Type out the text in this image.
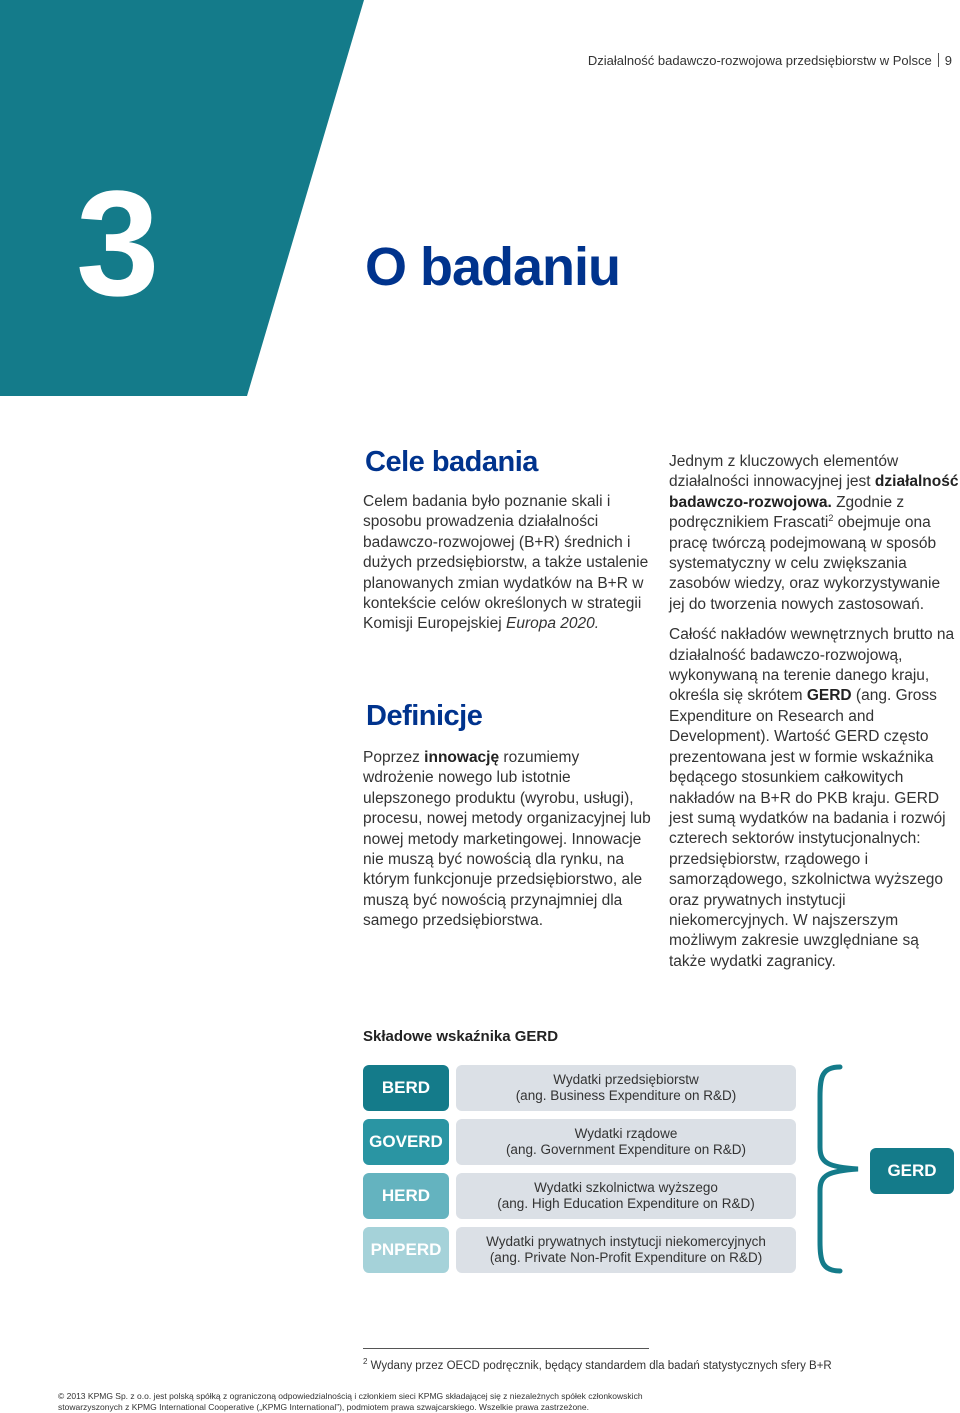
Działalność badawczo-rozwojowa przedsiębiorstw w Polsce 9
3	O badaniu
Cele badania

Celem badania było poznanie skali i sposobu prowadzenia działalności badawczo-rozwojowej (B+R) średnich i dużych przedsiębiorstw, a także ustalenie planowanych zmian wydatków na B+R w kontekście celów określonych w strategii Komisji Europejskiej Europa 2020.

Definicje

Poprzez innowację rozumiemy wdrożenie nowego lub istotnie ulepszonego produktu (wyrobu, usługi), procesu, nowej metody organizacyjnej lub nowej metody marketingowej. Innowacje nie muszą być nowością dla rynku, na którym funkcjonuje przedsiębiorstwo, ale muszą być nowością przynajmniej dla samego przedsiębiorstwa.

Jednym z kluczowych elementów działalności innowacyjnej jest działalność badawczo-rozwojowa. Zgodnie z podręcznikiem Frascati$^2$ obejmuje ona pracę twórczą podejmowaną w sposób systematyczny w celu zwiększania zasobów wiedzy, oraz wykorzystywanie jej do tworzenia nowych zastosowań.

Całość nakładów wewnętrznych brutto na działalność badawczo-rozwojową, wykonywaną na terenie danego kraju, określa się skrótem GERD (ang. Gross Expenditure on Research and Development). Wartość GERD często prezentowana jest w formie wskaźnika będącego stosunkiem całkowitych nakładów na B+R do PKB kraju. GERD jest sumą wydatków na badania i rozwój czterech sektorów instytucjonalnych: przedsiębiorstw, rządowego i samorządowego, szkolnictwa wyższego oraz prywatnych instytucji niekomercyjnych. W najszerszym możliwym zakresie uwzględniane są także wydatki zagranicy.

Składowe wskaźnika GERD
BERD	Wydatki przedsiębiorstw
(ang. Business Expenditure on R&D)
GOVERD	Wydatki rządowe
(ang. Government Expenditure on R&D)
HERD	Wydatki szkolnictwa wyższego
(ang. High Education Expenditure on R&D)
PNPERD	Wydatki prywatnych instytucji niekomercyjnych
(ang. Private Non-Profit Expenditure on R&D)
GERD
$^2$ Wydany przez OECD podręcznik, będący standardem dla badań statystycznych sfery B+R
© 2013 KPMG Sp. z o.o. jest polską spółką z ograniczoną odpowiedzialnością i członkiem sieci KPMG składającej się z niezależnych spółek członkowskich
stowarzyszonych z KPMG International Cooperative („KPMG International”), podmiotem prawa szwajcarskiego. Wszelkie prawa zastrzeżone.
